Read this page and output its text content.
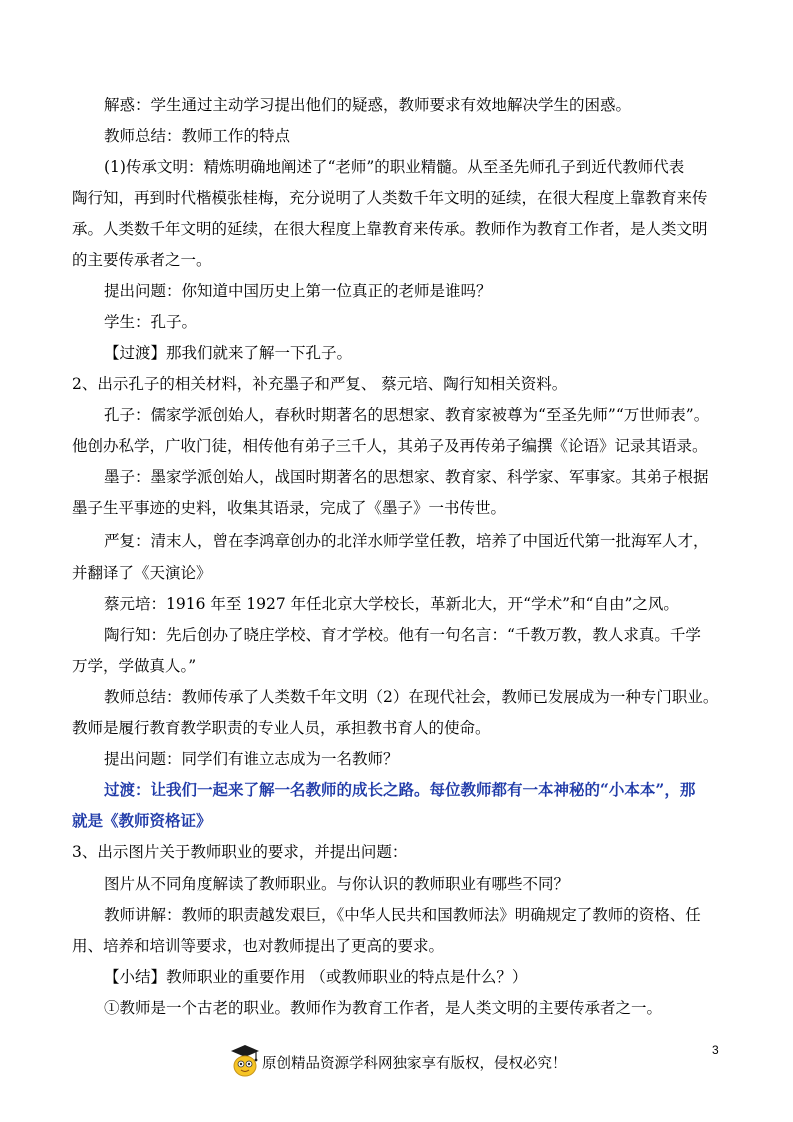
解惑：学生通过主动学习提出他们的疑惑，教师要求有效地解决学生的困惑。
教师总结：教师工作的特点
(1)传承文明：精炼明确地阐述了“老师”的职业精髓。从至圣先师孔子到近代教师代表
陶行知，再到时代楷模张桂梅，充分说明了人类数千年文明的延续，在很大程度上靠教育来传
承。人类数千年文明的延续，在很大程度上靠教育来传承。教师作为教育工作者，是人类文明
的主要传承者之一。
提出问题：你知道中国历史上第一位真正的老师是谁吗？
学生：孔子。
【过渡】那我们就来了解一下孔子。
2、出示孔子的相关材料，补充墨子和严复、 蔡元培、陶行知相关资料。
孔子：儒家学派创始人，春秋时期著名的思想家、教育家被尊为“至圣先师”“万世师表”。
他创办私学，广收门徒，相传他有弟子三千人，其弟子及再传弟子编撰《论语》记录其语录。
墨子：墨家学派创始人，战国时期著名的思想家、教育家、科学家、军事家。其弟子根据
墨子生平事迹的史料，收集其语录，完成了《墨子》一书传世。
严复：清末人，曾在李鸿章创办的北洋水师学堂任教，培养了中国近代第一批海军人才，
并翻译了《天演论》
蔡元培：1916 年至 1927 年任北京大学校长，革新北大，开“学术”和“自由”之风。
陶行知：先后创办了晓庄学校、育才学校。他有一句名言：“千教万教，教人求真。千学
万学，学做真人。”
教师总结：教师传承了人类数千年文明（2）在现代社会，教师已发展成为一种专门职业。
教师是履行教育教学职责的专业人员，承担教书育人的使命。
提出问题：同学们有谁立志成为一名教师？
过渡：让我们一起来了解一名教师的成长之路。每位教师都有一本神秘的“小本本”，那
就是《教师资格证》
3、出示图片关于教师职业的要求，并提出问题：
图片从不同角度解读了教师职业。与你认识的教师职业有哪些不同？
教师讲解：教师的职责越发艰巨，《中华人民共和国教师法》明确规定了教师的资格、任
用、培养和培训等要求，也对教师提出了更高的要求。
【小结】教师职业的重要作用 （或教师职业的特点是什么？）
①教师是一个古老的职业。教师作为教育工作者，是人类文明的主要传承者之一。
3
原创精品资源学科网独家享有版权，侵权必究！
